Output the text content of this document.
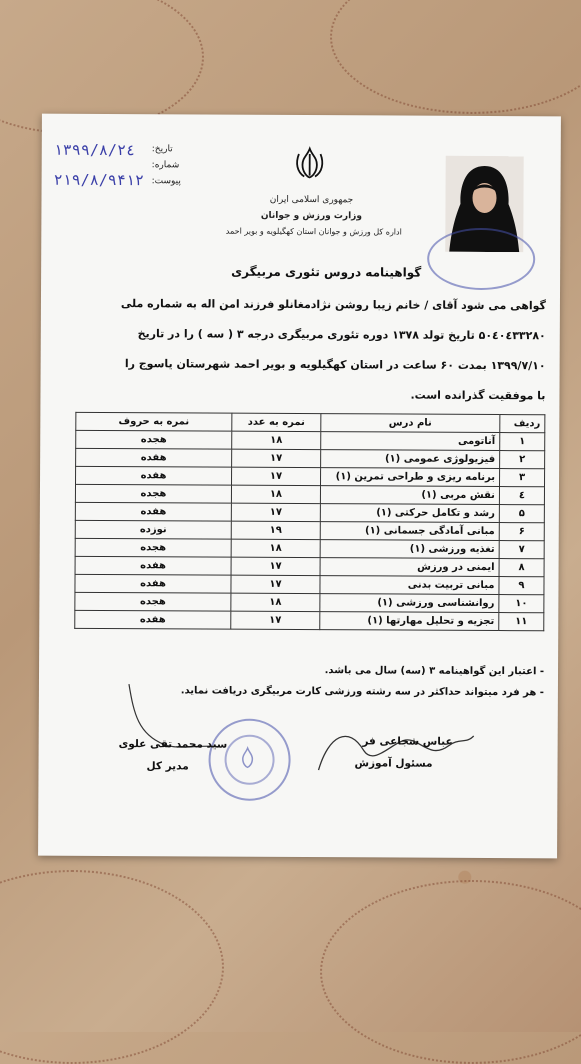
تاریخ:
شماره:
پیوست:
۱۳۹۹/۸/۲٤
۲۱۹/۸/۹۴۱۲
جمهوری اسلامی ایران
وزارت ورزش و جوانان
اداره کل ورزش و جوانان استان کهگیلویه و بویر احمد
گواهینامه دروس تئوری مربیگری
گواهی می شود آقای / خانم زیبا روشن نژادمغانلو فرزند امن اله به شماره ملی
۵۰٤۰٤۳۳۲۸۰ تاریخ تولد ۱۳۷۸ دوره تئوری مربیگری درجه ۳ ( سه ) را در تاریخ
۱۳۹۹/۷/۱۰ بمدت ۶۰ ساعت در استان کهگیلویه و بویر احمد شهرستان یاسوج را
با موفقیت گذرانده است.
ردیف	نام درس	نمره به عدد	نمره به حروف
۱	آناتومی	۱۸	هجده
۲	فیزیولوژی عمومی (۱)	۱۷	هفده
۳	برنامه ریزی و طراحی تمرین (۱)	۱۷	هفده
٤	نقش مربی (۱)	۱۸	هجده
۵	رشد و تکامل حرکتی (۱)	۱۷	هفده
۶	مبانی آمادگی جسمانی (۱)	۱۹	نوزده
۷	تغذیه ورزشی (۱)	۱۸	هجده
۸	ایمنی در ورزش	۱۷	هفده
۹	مبانی تربیت بدنی	۱۷	هفده
۱۰	روانشناسی ورزشی (۱)	۱۸	هجده
۱۱	تجزیه و تحلیل مهارتها (۱)	۱۷	هفده
- اعتبار این گواهینامه ۳ (سه) سال می باشد.
- هر فرد میتواند حداکثر در سه رشته ورزشی کارت مربیگری دریافت نماید.
عباس شجاعی فر
مسئول آموزش
سید محمد تقی علوی
مدیر کل
